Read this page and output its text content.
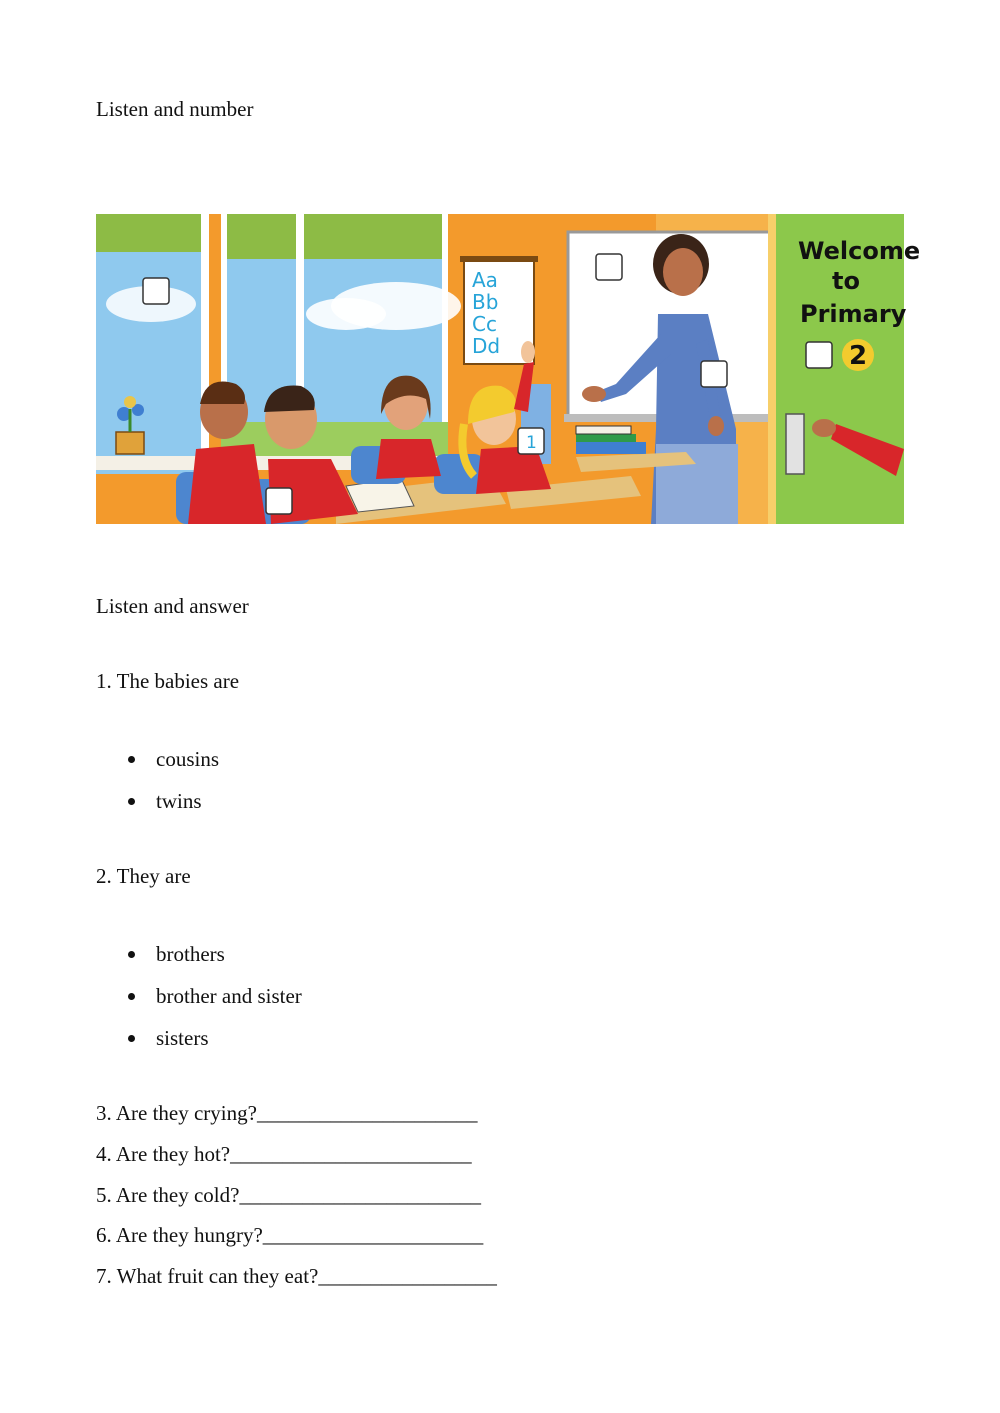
Listen and number
Aa
Bb
Cc
Dd
Welcome
to
Primary
2
1
Listen and answer
1. The babies are
cousins
twins
2. They are
brothers
brother and sister
sisters
3. Are they crying?_____________________
4. Are they hot?_______________________
5. Are they cold?_______________________
6. Are they hungry?_____________________
7. What fruit can they eat?_________________
